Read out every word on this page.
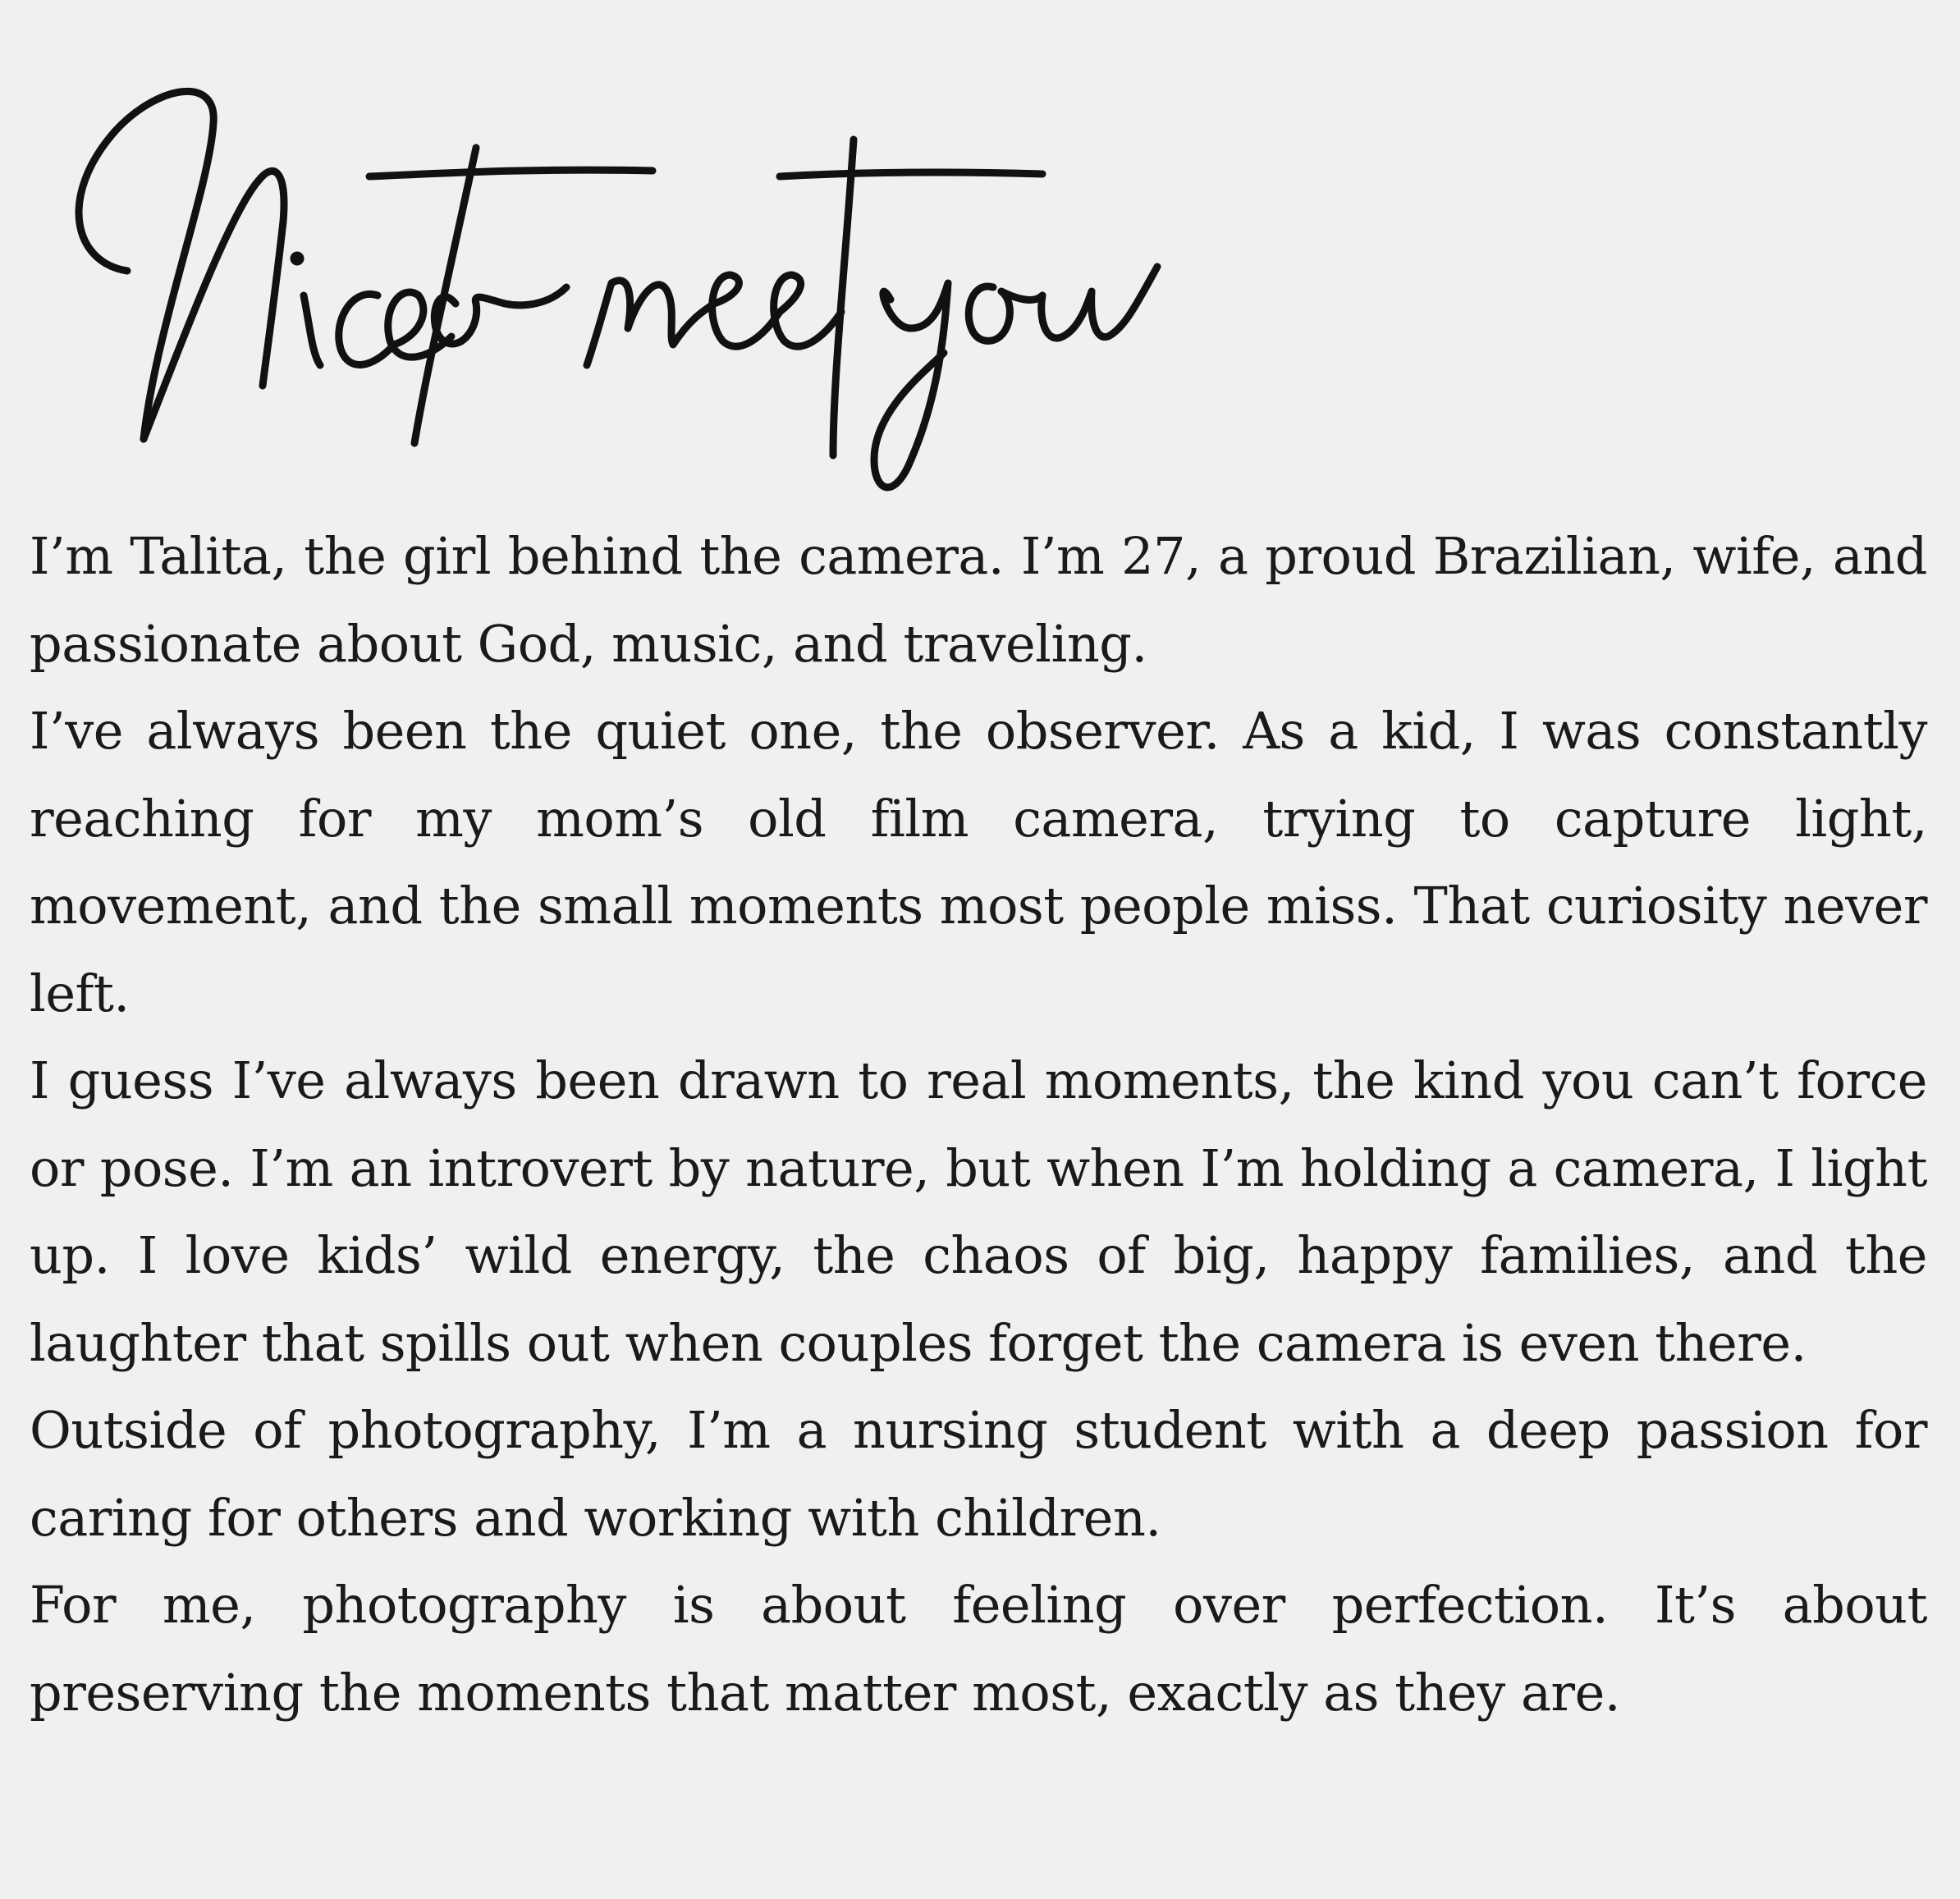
I’m Talita, the girl behind the camera. I’m 27, a proud Brazilian, wife, and passionate about God, music, and traveling.

I’ve always been the quiet one, the observer. As a kid, I was constantly reaching for my mom’s old film camera, trying to capture light, movement, and the small moments most people miss. That curiosity never left.

I guess I’ve always been drawn to real moments, the kind you can’t force or pose. I’m an introvert by nature, but when I’m holding a camera, I light up. I love kids’ wild energy, the chaos of big, happy families, and the laughter that spills out when couples forget the camera is even there.

Outside of photography, I’m a nursing student with a deep passion for caring for others and working with children.

For me, photography is about feeling over perfection. It’s about preserving the moments that matter most, exactly as they are.
